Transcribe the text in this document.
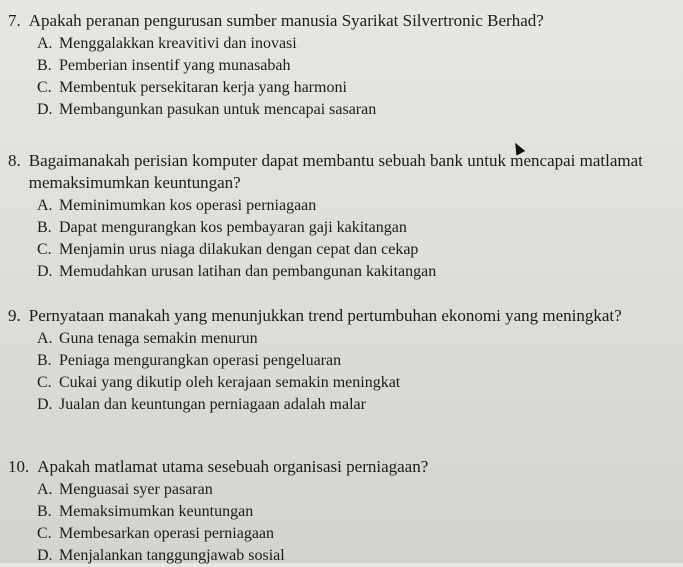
7. Apakah peranan pengurusan sumber manusia Syarikat Silvertronic Berhad?
A. Menggalakkan kreavitivi dan inovasi
B. Pemberian insentif yang munasabah
C. Membentuk persekitaran kerja yang harmoni
D. Membangunkan pasukan untuk mencapai sasaran
8. Bagaimanakah perisian komputer dapat membantu sebuah bank untuk mencapai matlamat memaksimumkan keuntungan?
A. Meminimumkan kos operasi perniagaan
B. Dapat mengurangkan kos pembayaran gaji kakitangan
C. Menjamin urus niaga dilakukan dengan cepat dan cekap
D. Memudahkan urusan latihan dan pembangunan kakitangan
9. Pernyataan manakah yang menunjukkan trend pertumbuhan ekonomi yang meningkat?
A. Guna tenaga semakin menurun
B. Peniaga mengurangkan operasi pengeluaran
C. Cukai yang dikutip oleh kerajaan semakin meningkat
D. Jualan dan keuntungan perniagaan adalah malar
10. Apakah matlamat utama sesebuah organisasi perniagaan?
A. Menguasai syer pasaran
B. Memaksimumkan keuntungan
C. Membesarkan operasi perniagaan
D. Menjalankan tanggungjawab sosial
